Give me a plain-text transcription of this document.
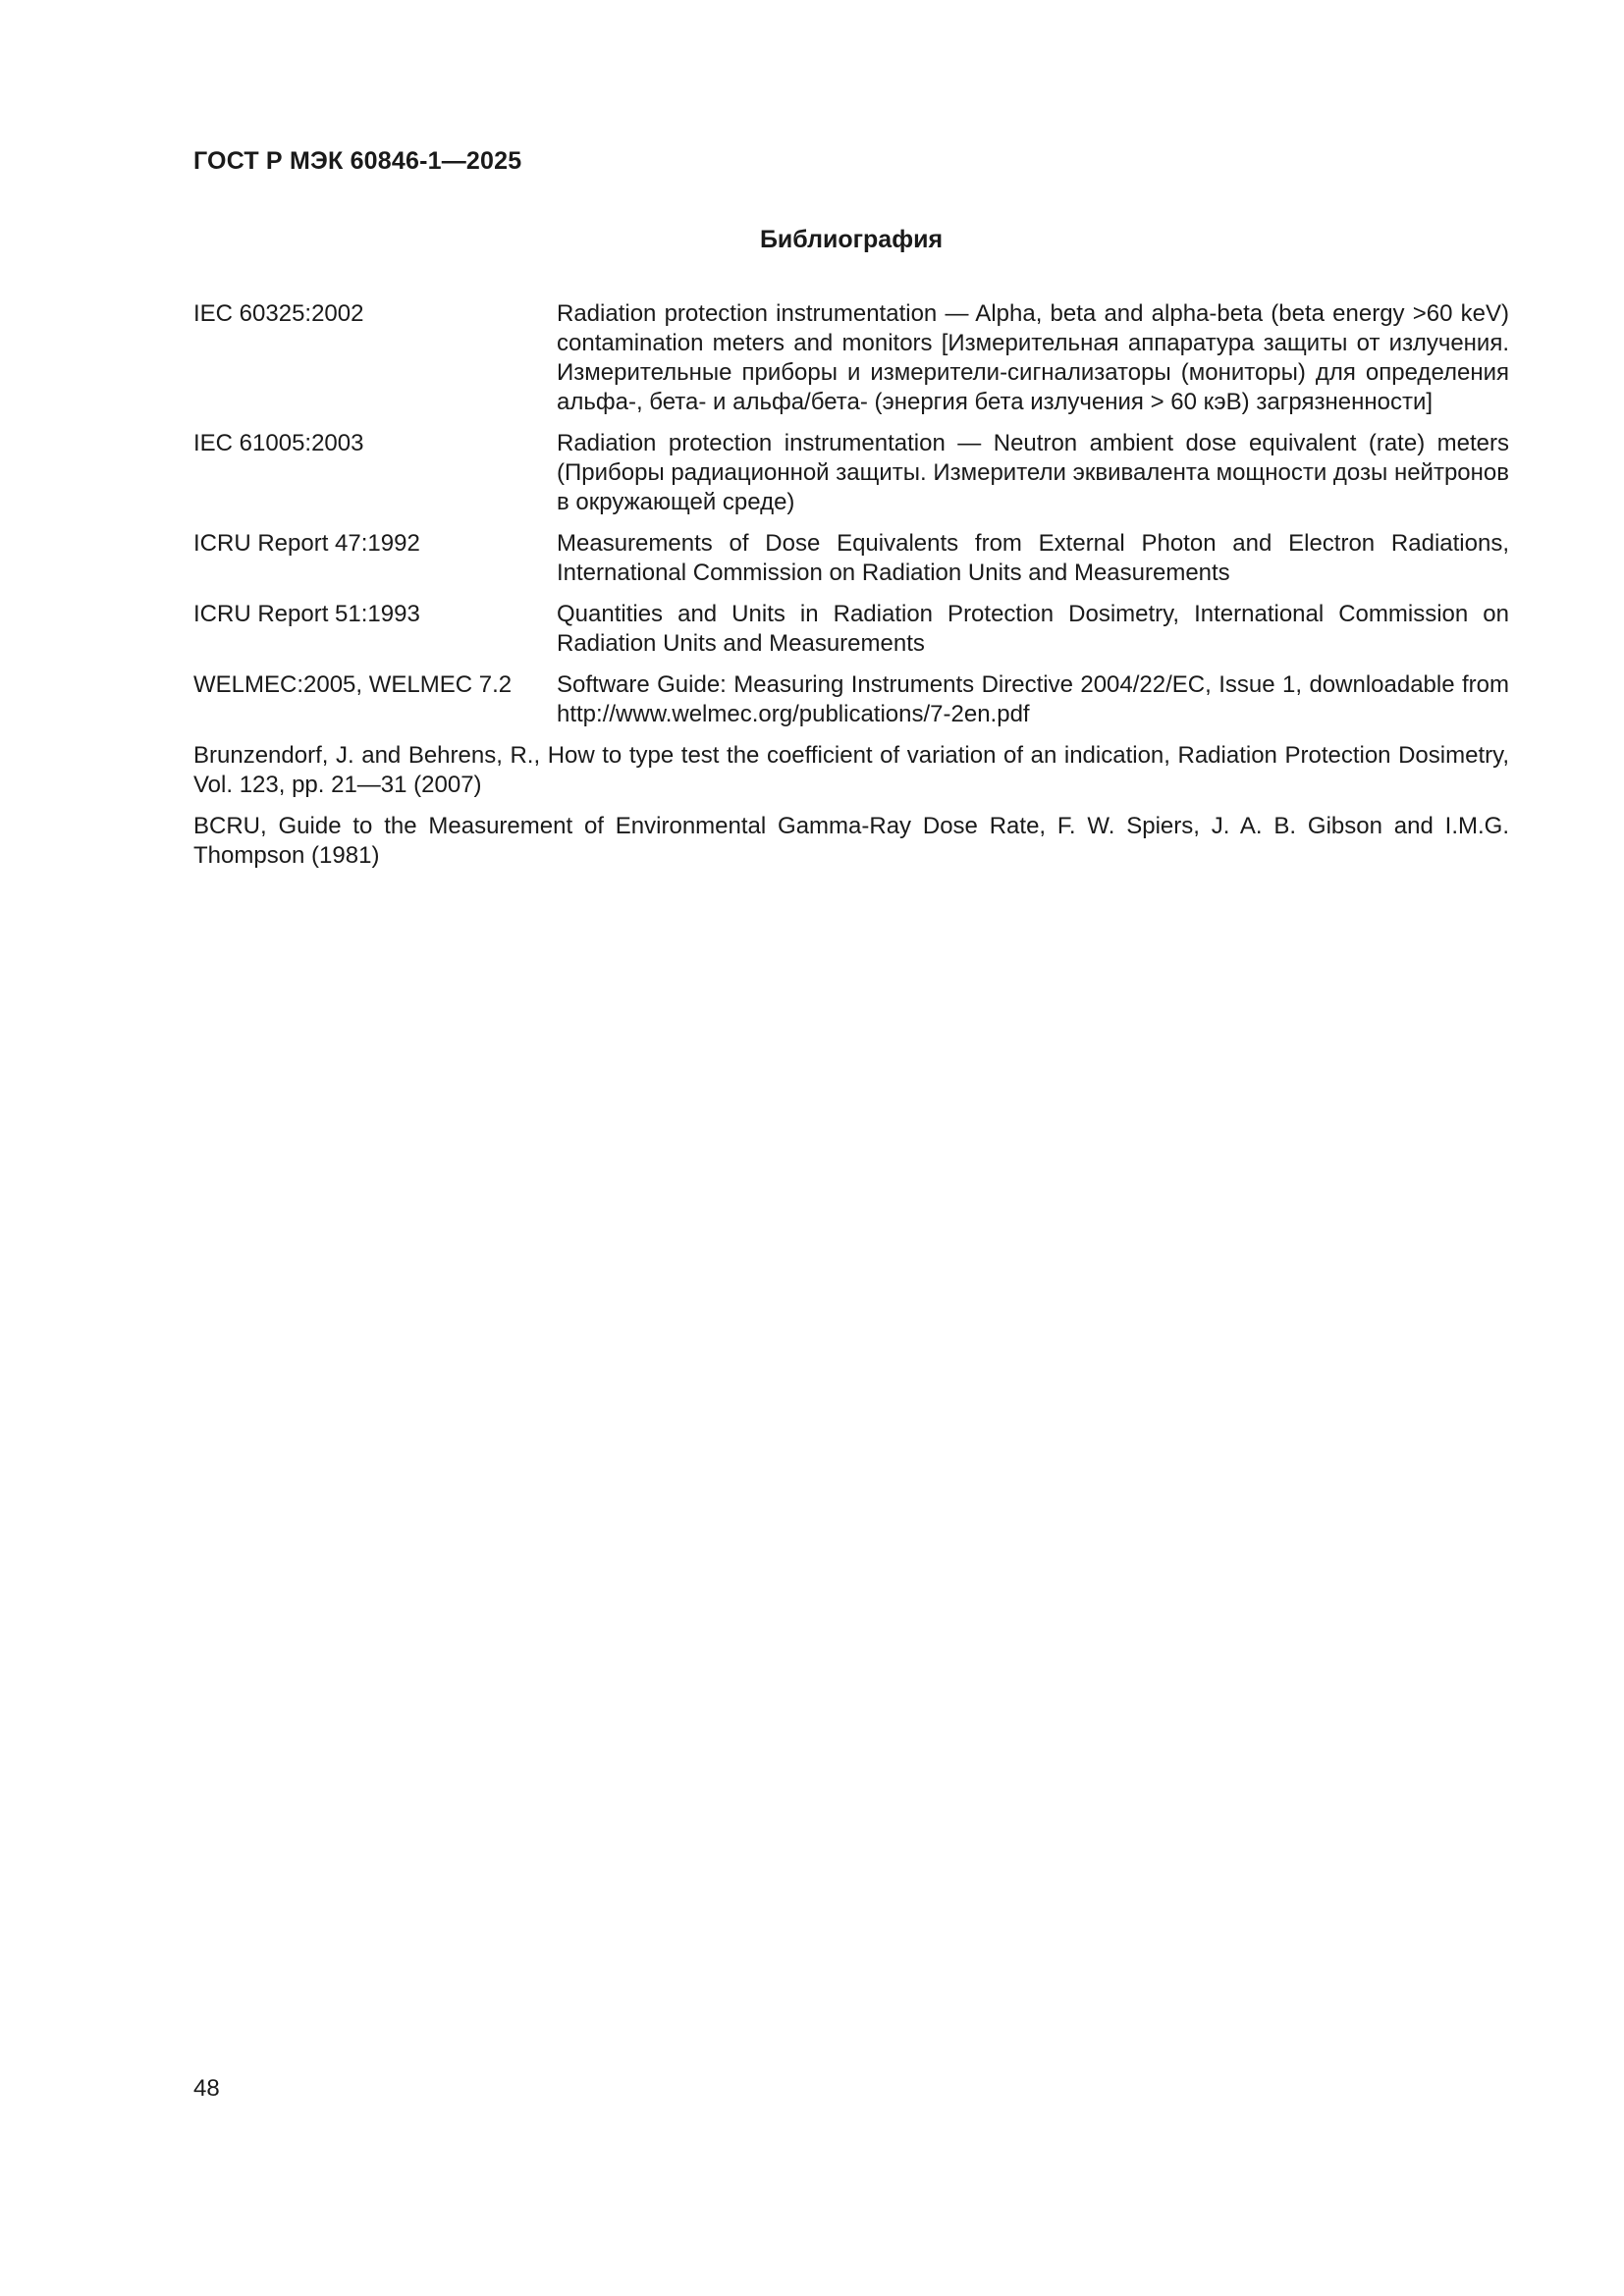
ГОСТ Р МЭК 60846-1—2025
Библиография
IEC 60325:2002	Radiation protection instrumentation — Alpha, beta and alpha-beta (beta energy >60 keV) contamination meters and monitors [Измерительная аппаратура защиты от излучения. Измерительные приборы и измерители-сигнализаторы (мониторы) для определения альфа-, бета- и альфа/бета- (энергия бета излучения > 60 кэВ) загрязненности]
IEC 61005:2003	Radiation protection instrumentation — Neutron ambient dose equivalent (rate) meters (Приборы радиационной защиты. Измерители эквивалента мощности дозы нейтронов в окружающей среде)
ICRU Report 47:1992	Measurements of Dose Equivalents from External Photon and Electron Radiations, International Commission on Radiation Units and Measurements
ICRU Report 51:1993	Quantities and Units in Radiation Protection Dosimetry, International Commission on Radiation Units and Measurements
WELMEC:2005, WELMEC 7.2	Software Guide: Measuring Instruments Directive 2004/22/EC, Issue 1, downloadable from http://www.welmec.org/publications/7-2en.pdf
Brunzendorf, J. and Behrens, R., How to type test the coefficient of variation of an indication, Radiation Protection Dosimetry, Vol. 123, pp. 21—31 (2007)
BCRU, Guide to the Measurement of Environmental Gamma-Ray Dose Rate, F. W. Spiers, J. A. B. Gibson and I.M.G. Thompson (1981)
48
